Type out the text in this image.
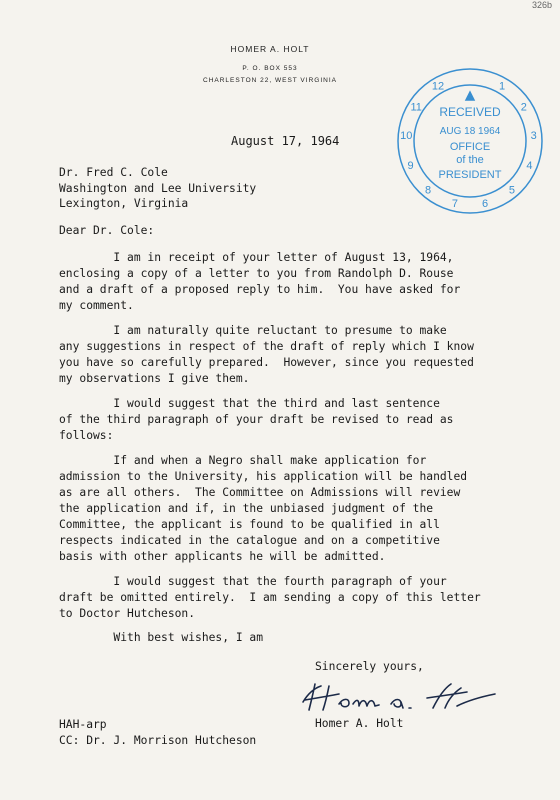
326b
HOMER A. HOLT
P. O. BOX 553
CHARLESTON 22, WEST VIRGINIA
1
2
3
4
5
6
7
8
9
10
11
12
RECEIVED
AUG 18 1964
OFFICE
of the
PRESIDENT
August 17, 1964
Dr. Fred C. Cole
Washington and Lee University
Lexington, Virginia
Dear Dr. Cole:
I am in receipt of your letter of August 13, 1964,
enclosing a copy of a letter to you from Randolph D. Rouse
and a draft of a proposed reply to him.  You have asked for
my comment.
I am naturally quite reluctant to presume to make
any suggestions in respect of the draft of reply which I know
you have so carefully prepared.  However, since you requested
my observations I give them.
I would suggest that the third and last sentence
of the third paragraph of your draft be revised to read as
follows:
If and when a Negro shall make application for
admission to the University, his application will be handled
as are all others.  The Committee on Admissions will review
the application and if, in the unbiased judgment of the
Committee, the applicant is found to be qualified in all
respects indicated in the catalogue and on a competitive
basis with other applicants he will be admitted.
I would suggest that the fourth paragraph of your
draft be omitted entirely.  I am sending a copy of this letter
to Doctor Hutcheson.
With best wishes, I am
Sincerely yours,
Homer A. Holt
HAH-arp
CC: Dr. J. Morrison Hutcheson
